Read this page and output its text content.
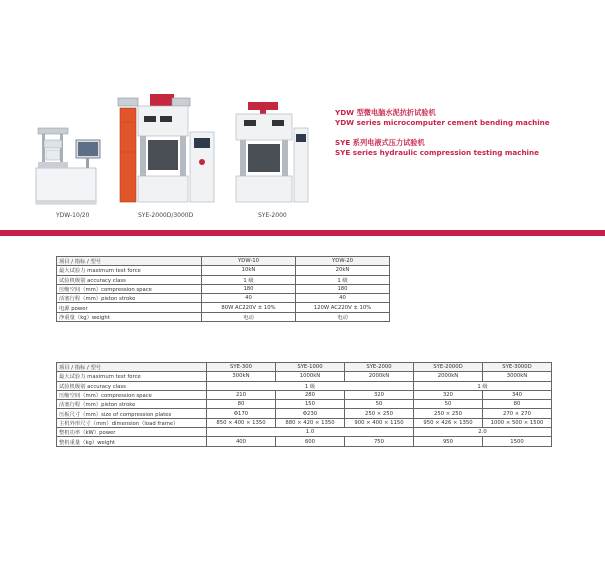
YDW-10/20	SYE-2000D/3000D	SYE-2000
YDW 型微电脑水泥抗折试验机
YDW series microcomputer cement bending machine
SYE 系列电液式压力试验机
SYE series hydraulic compression testing machine
项目 / 指标 / 型号	YDW-10	YDW-20
最大试验力 maximum test force	10kN	20kN
试验机级别 accuracy class	1 级	1 级
压缩空间（mm）compression space	180	180
活塞行程（mm）piston stroke	40	40
电源 power	80W AC220V ± 10%	120W AC220V ± 10%
净重量（kg）weight	电动	电动
项目 / 指标 / 型号	SYE-300	SYE-1000	SYE-2000	SYE-2000D	SYE-3000D
最大试验力 maximum test force	300kN	1000kN	2000kN	2000kN	3000kN
试验机级别 accuracy class	1 级			1 级	
压缩空间（mm）compression space	210	280	320	320	340
活塞行程（mm）piston stroke	80	150	50	50	80
压板尺寸（mm）size of compression plates	Φ170	Φ230	250 × 250	250 × 250	270 × 270
主机外形尺寸（mm）dimension（load frame）	850 × 400 × 1350	880 × 420 × 1350	900 × 400 × 1150	950 × 426 × 1350	1000 × 500 × 1500
整机功率（kW）power	1.0			2.0	
整机重量（kg）weight	400	600	750	950	1500
